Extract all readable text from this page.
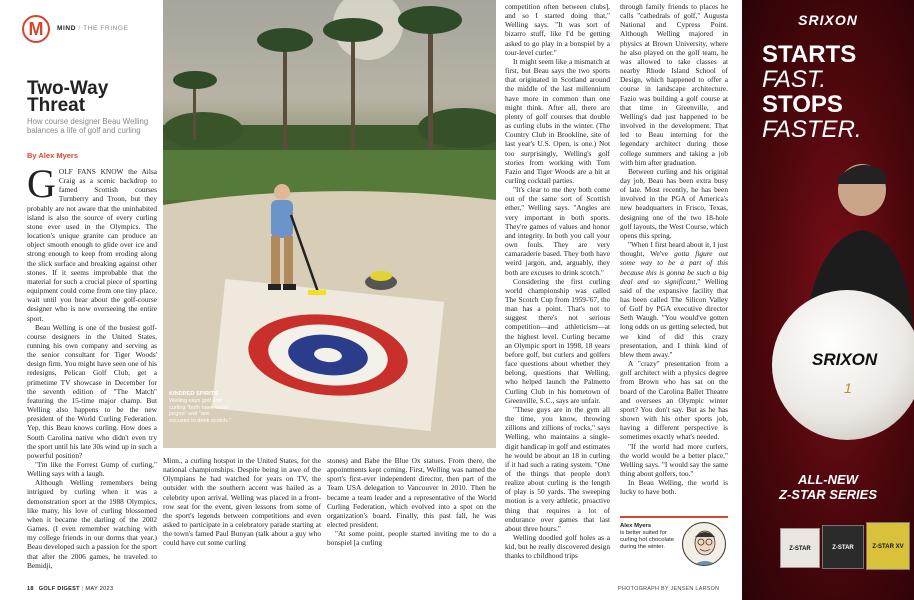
M	MIND / THE FRINGE
Two-Way Threat
How course designer Beau Welling balances a life of golf and curling
By Alex Myers

GOLF FANS KNOW the Ailsa Craig as a scenic backdrop to famed Scottish courses Turnberry and Troon, but they probably are not aware that the uninhabited island is also the source of every curling stone ever used in the Olympics. The location's unique granite can produce an object smooth enough to glide over ice and strong enough to keep from eroding along the slick surface and breaking against other stones. If it seems improbable that the material for such a crucial piece of sporting equipment could come from one tiny place, wait until you hear about the golf-course designer who is now overseeing the entire sport.

Beau Welling is one of the busiest golf-course designers in the United States, running his own company and serving as the senior consultant for Tiger Woods' design firm. You might have seen one of his redesigns, Pelican Golf Club, get a primetime TV showcase in December for the seventh edition of "The Match" featuring the 15-time major champ. But Welling also happens to be the new president of the World Curling Federation. Yep, this Beau knows curling. How does a South Carolina native who didn't even try the sport until his late 30s wind up in such a powerful position?

"I'm like the Forrest Gump of curling," Welling says with a laugh.

Although Welling remembers being intrigued by curling when it was a demonstration sport at the 1988 Olympics, like many, his love of curling blossomed when it became the darling of the 2002 Games. (I even remember watching with my college friends in our dorms that year.) Beau developed such a passion for the sport that after the 2006 games, he traveled to Bemidji,

KINDRED SPIRITS
Welling says golf and curling "both have weird jargon" and "are excuses to drink scotch."

Minn., a curling hotspot in the United States, for the national championships. Despite being in awe of the Olympians he had watched for years on TV, the outsider with the southern accent was hailed as a celebrity upon arrival. Welling was placed in a front-row seat for the event, given lessons from some of the sport's legends between competitions and even asked to participate in a celebratory parade starting at the town's famed Paul Bunyan (talk about a guy who could have cut some curling

stones) and Babe the Blue Ox statues. From there, the appointments kept coming. First, Welling was named the sport's first-ever independent director, then part of the Team USA delegation to Vancouver in 2010. Then he became a team leader and a representative of the World Curling Federation, which evolved into a spot on the organization's board. Finally, this past fall, he was elected president.

"At some point, people started inviting me to do a bonspiel [a curling

competition often between clubs], and so I started doing that," Welling says. "It was sort of bizarro stuff, like I'd be getting asked to go play in a bonspiel by a tour-level curler."

It might seem like a mismatch at first, but Beau says the two sports that originated in Scotland around the middle of the last millennium have more in common than one might think. After all, there are plenty of golf courses that double as curling clubs in the winter. (The Country Club in Brookline, site of last year's U.S. Open, is one.) Not too surprisingly, Welling's golf stories from working with Tom Fazio and Tiger Woods are a hit at curling cocktail parties.

"It's clear to me they both come out of the same sort of Scottish ether," Welling says. "Angles are very important in both sports. They're games of values and honor and integrity. In both you call your own fouls. They are very camaraderie based. They both have weird jargon, and, arguably, they both are excuses to drink scotch."

Considering the first curling world championship was called The Scotch Cup from 1959-'67, the man has a point. That's not to suggest there's not serious competition—and athleticism—at the highest level. Curling became an Olympic sport in 1998, 18 years before golf, but curlers and golfers face questions about whether they belong, questions that Welling, who helped launch the Palmetto Curling Club in his hometown of Greenville, S.C., says are unfair.

"These guys are in the gym all the time, you know, throwing zillions and zillions of rocks," says Welling, who maintains a single-digit handicap in golf and estimates he would be about an 18 in curling if it had such a rating system. "One of the things that people don't realize about curling is the length of play is 50 yards. The sweeping motion is a very athletic, proactive thing that requires a lot of endurance over games that last about three hours."

Welling doodled golf holes as a kid, but he really discovered design thanks to childhood trips

through family friends to places he calls "cathedrals of golf," Augusta National and Cypress Point. Although Welling majored in physics at Brown University, where he also played on the golf team, he was allowed to take classes at nearby Rhode Island School of Design, which happened to offer a course in landscape architecture. Fazio was building a golf course at that time in Greenville, and Welling's dad just happened to be involved in the development. That led to Beau interning for the legendary architect during those college summers and taking a job with him after graduation.

Between curling and his original day job, Beau has been extra busy of late. Most recently, he has been involved in the PGA of America's new headquarters in Frisco, Texas, designing one of the two 18-hole golf layouts, the West Course, which opens this spring.

"When I first heard about it, I just thought, We've gotta figure out some way to be a part of this because this is gonna be such a big deal and so significant," Welling said of the expansive facility that has been called The Silicon Valley of Golf by PGA executive director Seth Waugh. "You would've gotten long odds on us getting selected, but we kind of did this crazy presentation, and I think kind of blew them away."

A "crazy" presentation from a golf architect with a physics degree from Brown who has sat on the board of the Carolina Ballet Theatre and oversees an Olympic winter sport? You don't say. But as he has shown with his other sports job, having a different perspective is sometimes exactly what's needed.

"If the world had more curlers, the world would be a better place," Welling says. "I would say the same thing about golfers, too."

In Beau Welling, the world is lucky to have both.

Alex Myers
is better suited for curling hot chocolate during the winter.
18 GOLF DIGEST | MAY 2023	PHOTOGRAPH BY JENSEN LARSON
SRIXON
STARTS
FAST.
STOPS
FASTER.
SRIXON
1
ALL-NEW
Z-STAR SERIES
Z-STAR	Z-STAR	Z-STAR XV
